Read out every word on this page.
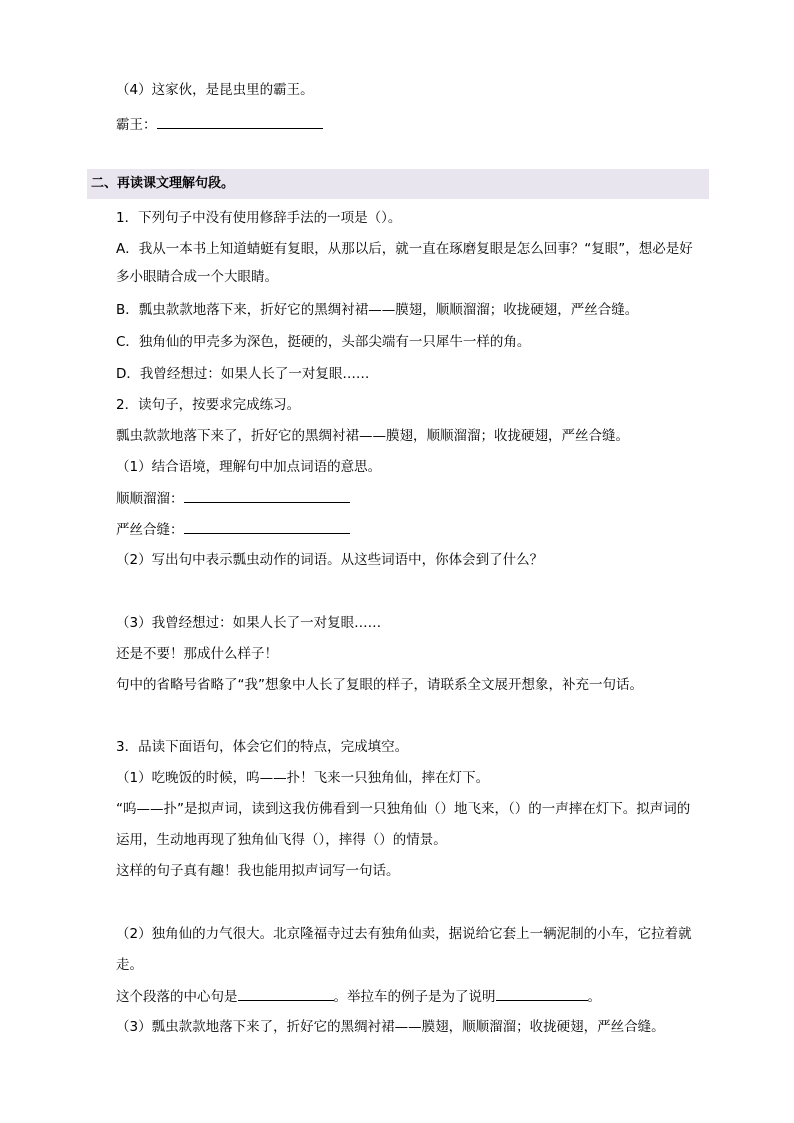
（4）这家伙，是昆虫里的霸王。
霸王：
二、再读课文理解句段。
1．下列句子中没有使用修辞手法的一项是（）。
A．我从一本书上知道蜻蜓有复眼，从那以后，就一直在琢磨复眼是怎么回事？“复眼”，想必是好
多小眼睛合成一个大眼睛。
B．瓢虫款款地落下来，折好它的黑绸衬裙——膜翅，顺顺溜溜；收拢硬翅，严丝合缝。
C．独角仙的甲壳多为深色，挺硬的，头部尖端有一只犀牛一样的角。
D．我曾经想过：如果人长了一对复眼……
2．读句子，按要求完成练习。
瓢虫款款地落下来了，折好它的黑绸衬裙——膜翅，顺顺溜溜；收拢硬翅，严丝合缝。
（1）结合语境，理解句中加点词语的意思。
顺顺溜溜：
严丝合缝：
（2）写出句中表示瓢虫动作的词语。从这些词语中，你体会到了什么？
（3）我曾经想过：如果人长了一对复眼……
还是不要！那成什么样子！
句中的省略号省略了“我”想象中人长了复眼的样子，请联系全文展开想象，补充一句话。
3．品读下面语句，体会它们的特点，完成填空。
（1）吃晚饭的时候，呜——扑！飞来一只独角仙，摔在灯下。
“呜——扑”是拟声词，读到这我仿佛看到一只独角仙（）地飞来，（）的一声摔在灯下。拟声词的
运用，生动地再现了独角仙飞得（），摔得（）的情景。
这样的句子真有趣！我也能用拟声词写一句话。
（2）独角仙的力气很大。北京隆福寺过去有独角仙卖，据说给它套上一辆泥制的小车，它拉着就
走。
这个段落的中心句是	。举拉车的例子是为了说明	。
（3）瓢虫款款地落下来了，折好它的黑绸衬裙——膜翅，顺顺溜溜；收拢硬翅，严丝合缝。
